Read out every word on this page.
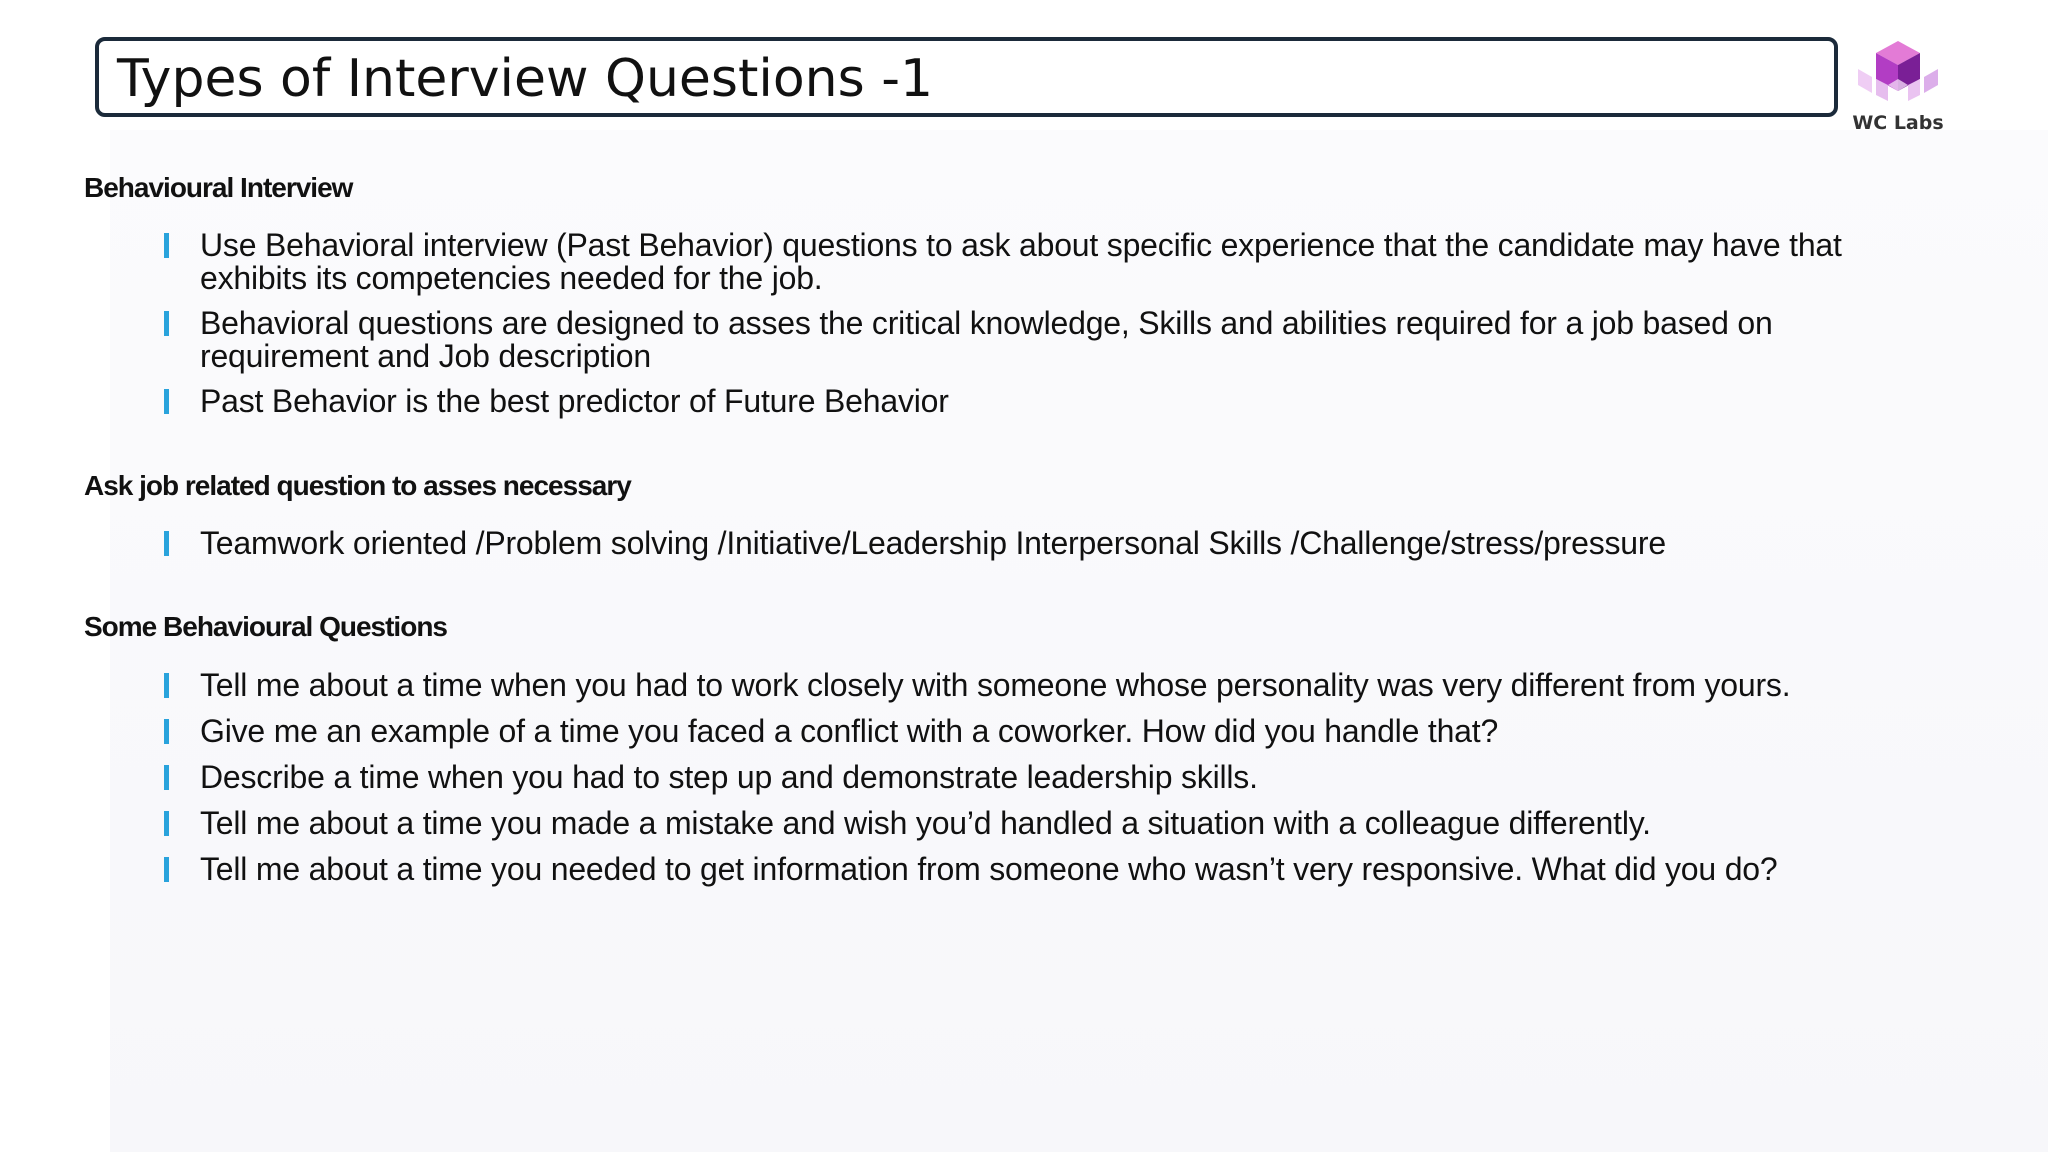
Types of Interview Questions -1
WC Labs
Behavioural Interview
Use Behavioral interview (Past Behavior) questions to ask about specific experience that the candidate may have that exhibits its competencies needed for the job.
Behavioral questions are designed to asses the critical knowledge, Skills and abilities required for a job based on requirement and Job description
Past Behavior is the best predictor of Future Behavior
Ask job related question to asses necessary
Teamwork oriented /Problem solving /Initiative/Leadership Interpersonal Skills /Challenge/stress/pressure
Some Behavioural Questions
Tell me about a time when you had to work closely with someone whose personality was very different from yours.
Give me an example of a time you faced a conflict with a coworker. How did you handle that?
Describe a time when you had to step up and demonstrate leadership skills.
Tell me about a time you made a mistake and wish you’d handled a situation with a colleague differently.
Tell me about a time you needed to get information from someone who wasn’t very responsive. What did you do?
